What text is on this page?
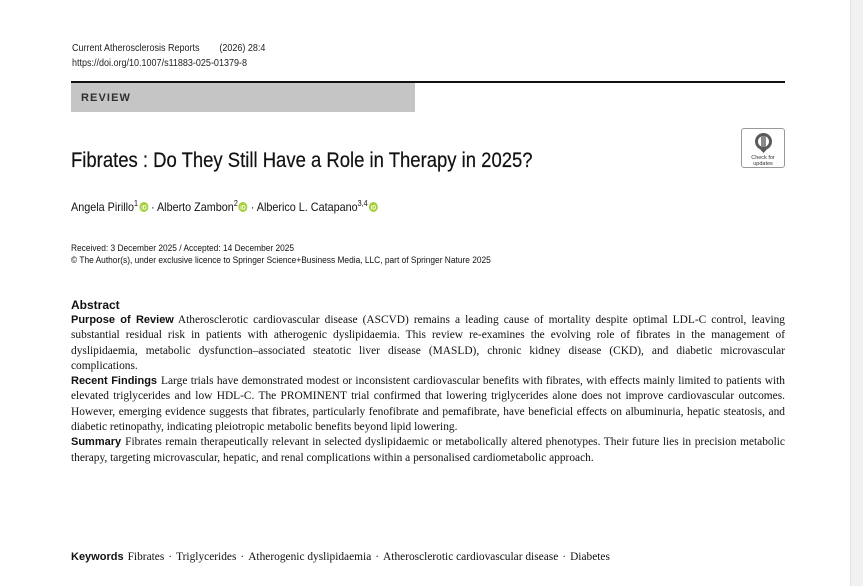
Current Atherosclerosis Reports (2026) 28:4
https://doi.org/10.1007/s11883-025-01379-8
REVIEW
Check for updates
Fibrates : Do They Still Have a Role in Therapy in 2025?
Angela Pirillo$^1$
iD · Alberto Zambon$^2$
iD · Alberico L. Catapano$^{3,4}$
iD
Received: 3 December 2025 / Accepted: 14 December 2025
© The Author(s), under exclusive licence to Springer Science+Business Media, LLC, part of Springer Nature 2025
Abstract

Purpose of Review Atherosclerotic cardiovascular disease (ASCVD) remains a leading cause of mortality despite optimal LDL-C control, leaving substantial residual risk in patients with atherogenic dyslipidaemia. This review re-examines the evolving role of fibrates in the management of dyslipidaemia, metabolic dysfunction–associated steatotic liver disease (MASLD), chronic kidney disease (CKD), and diabetic microvascular complications.

Recent Findings Large trials have demonstrated modest or inconsistent cardiovascular benefits with fibrates, with effects mainly limited to patients with elevated triglycerides and low HDL-C. The PROMINENT trial confirmed that lowering triglycerides alone does not improve cardiovascular outcomes. However, emerging evidence suggests that fibrates, particularly fenofibrate and pemafibrate, have beneficial effects on albuminuria, hepatic steatosis, and diabetic retinopathy, indicating pleiotropic metabolic benefits beyond lipid lowering.

Summary Fibrates remain therapeutically relevant in selected dyslipidaemic or metabolically altered phenotypes. Their future lies in precision metabolic therapy, targeting microvascular, hepatic, and renal complications within a personalised cardiometabolic approach.

Keywords Fibrates · Triglycerides · Atherogenic dyslipidaemia · Atherosclerotic cardiovascular disease · Diabetes
